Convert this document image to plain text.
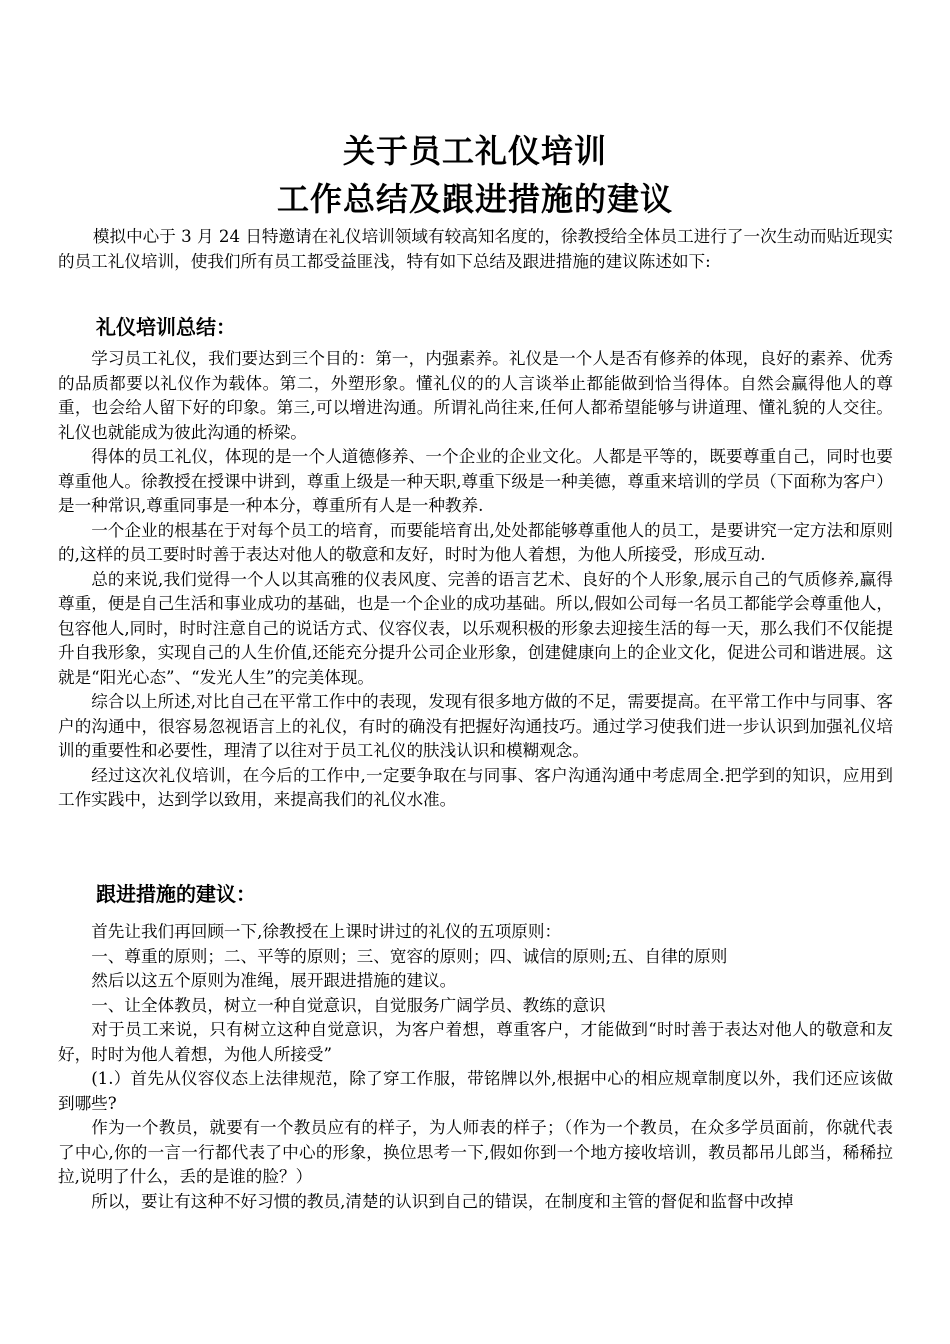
关于员工礼仪培训
工作总结及跟进措施的建议

模拟中心于 3 月 24 日特邀请在礼仪培训领域有较高知名度的，徐教授给全体员工进行了一次生动而贴近现实的员工礼仪培训，使我们所有员工都受益匪浅，特有如下总结及跟进措施的建议陈述如下:

礼仪培训总结：

学习员工礼仪，我们要达到三个目的：第一，内强素养。礼仪是一个人是否有修养的体现，良好的素养、优秀的品质都要以礼仪作为载体。第二，外塑形象。懂礼仪的的人言谈举止都能做到恰当得体。自然会赢得他人的尊重，也会给人留下好的印象。第三,可以增进沟通。所谓礼尚往来,任何人都希望能够与讲道理、懂礼貌的人交往。礼仪也就能成为彼此沟通的桥梁。

得体的员工礼仪，体现的是一个人道德修养、一个企业的企业文化。人都是平等的，既要尊重自己，同时也要尊重他人。徐教授在授课中讲到，尊重上级是一种天职,尊重下级是一种美德，尊重来培训的学员（下面称为客户）是一种常识,尊重同事是一种本分，尊重所有人是一种教养.

一个企业的根基在于对每个员工的培育，而要能培育出,处处都能够尊重他人的员工，是要讲究一定方法和原则的,这样的员工要时时善于表达对他人的敬意和友好，时时为他人着想，为他人所接受，形成互动.

总的来说,我们觉得一个人以其高雅的仪表风度、完善的语言艺术、良好的个人形象,展示自己的气质修养,赢得尊重，便是自己生活和事业成功的基础，也是一个企业的成功基础。所以,假如公司每一名员工都能学会尊重他人，包容他人,同时，时时注意自己的说话方式、仪容仪表，以乐观积极的形象去迎接生活的每一天，那么我们不仅能提升自我形象，实现自己的人生价值,还能充分提升公司企业形象，创建健康向上的企业文化，促进公司和谐进展。这就是“阳光心态”、“发光人生”的完美体现。

综合以上所述,对比自己在平常工作中的表现，发现有很多地方做的不足，需要提高。在平常工作中与同事、客户的沟通中，很容易忽视语言上的礼仪，有时的确没有把握好沟通技巧。通过学习使我们进一步认识到加强礼仪培训的重要性和必要性，理清了以往对于员工礼仪的肤浅认识和模糊观念。

经过这次礼仪培训，在今后的工作中,一定要争取在与同事、客户沟通沟通中考虑周全.把学到的知识，应用到工作实践中，达到学以致用，来提高我们的礼仪水准。

跟进措施的建议：

首先让我们再回顾一下,徐教授在上课时讲过的礼仪的五项原则：

一、尊重的原则；二、平等的原则；三、宽容的原则；四、诚信的原则;五、自律的原则

然后以这五个原则为准绳，展开跟进措施的建议。

一、让全体教员，树立一种自觉意识，自觉服务广阔学员、教练的意识

对于员工来说，只有树立这种自觉意识，为客户着想，尊重客户，才能做到“时时善于表达对他人的敬意和友好，时时为他人着想，为他人所接受”

(1.）首先从仪容仪态上法律规范，除了穿工作服，带铭牌以外,根据中心的相应规章制度以外，我们还应该做到哪些?

作为一个教员，就要有一个教员应有的样子，为人师表的样子；（作为一个教员，在众多学员面前，你就代表了中心,你的一言一行都代表了中心的形象，换位思考一下,假如你到一个地方接收培训，教员都吊儿郎当，稀稀拉拉,说明了什么，丢的是谁的脸？）

所以，要让有这种不好习惯的教员,清楚的认识到自己的错误，在制度和主管的督促和监督中改掉
